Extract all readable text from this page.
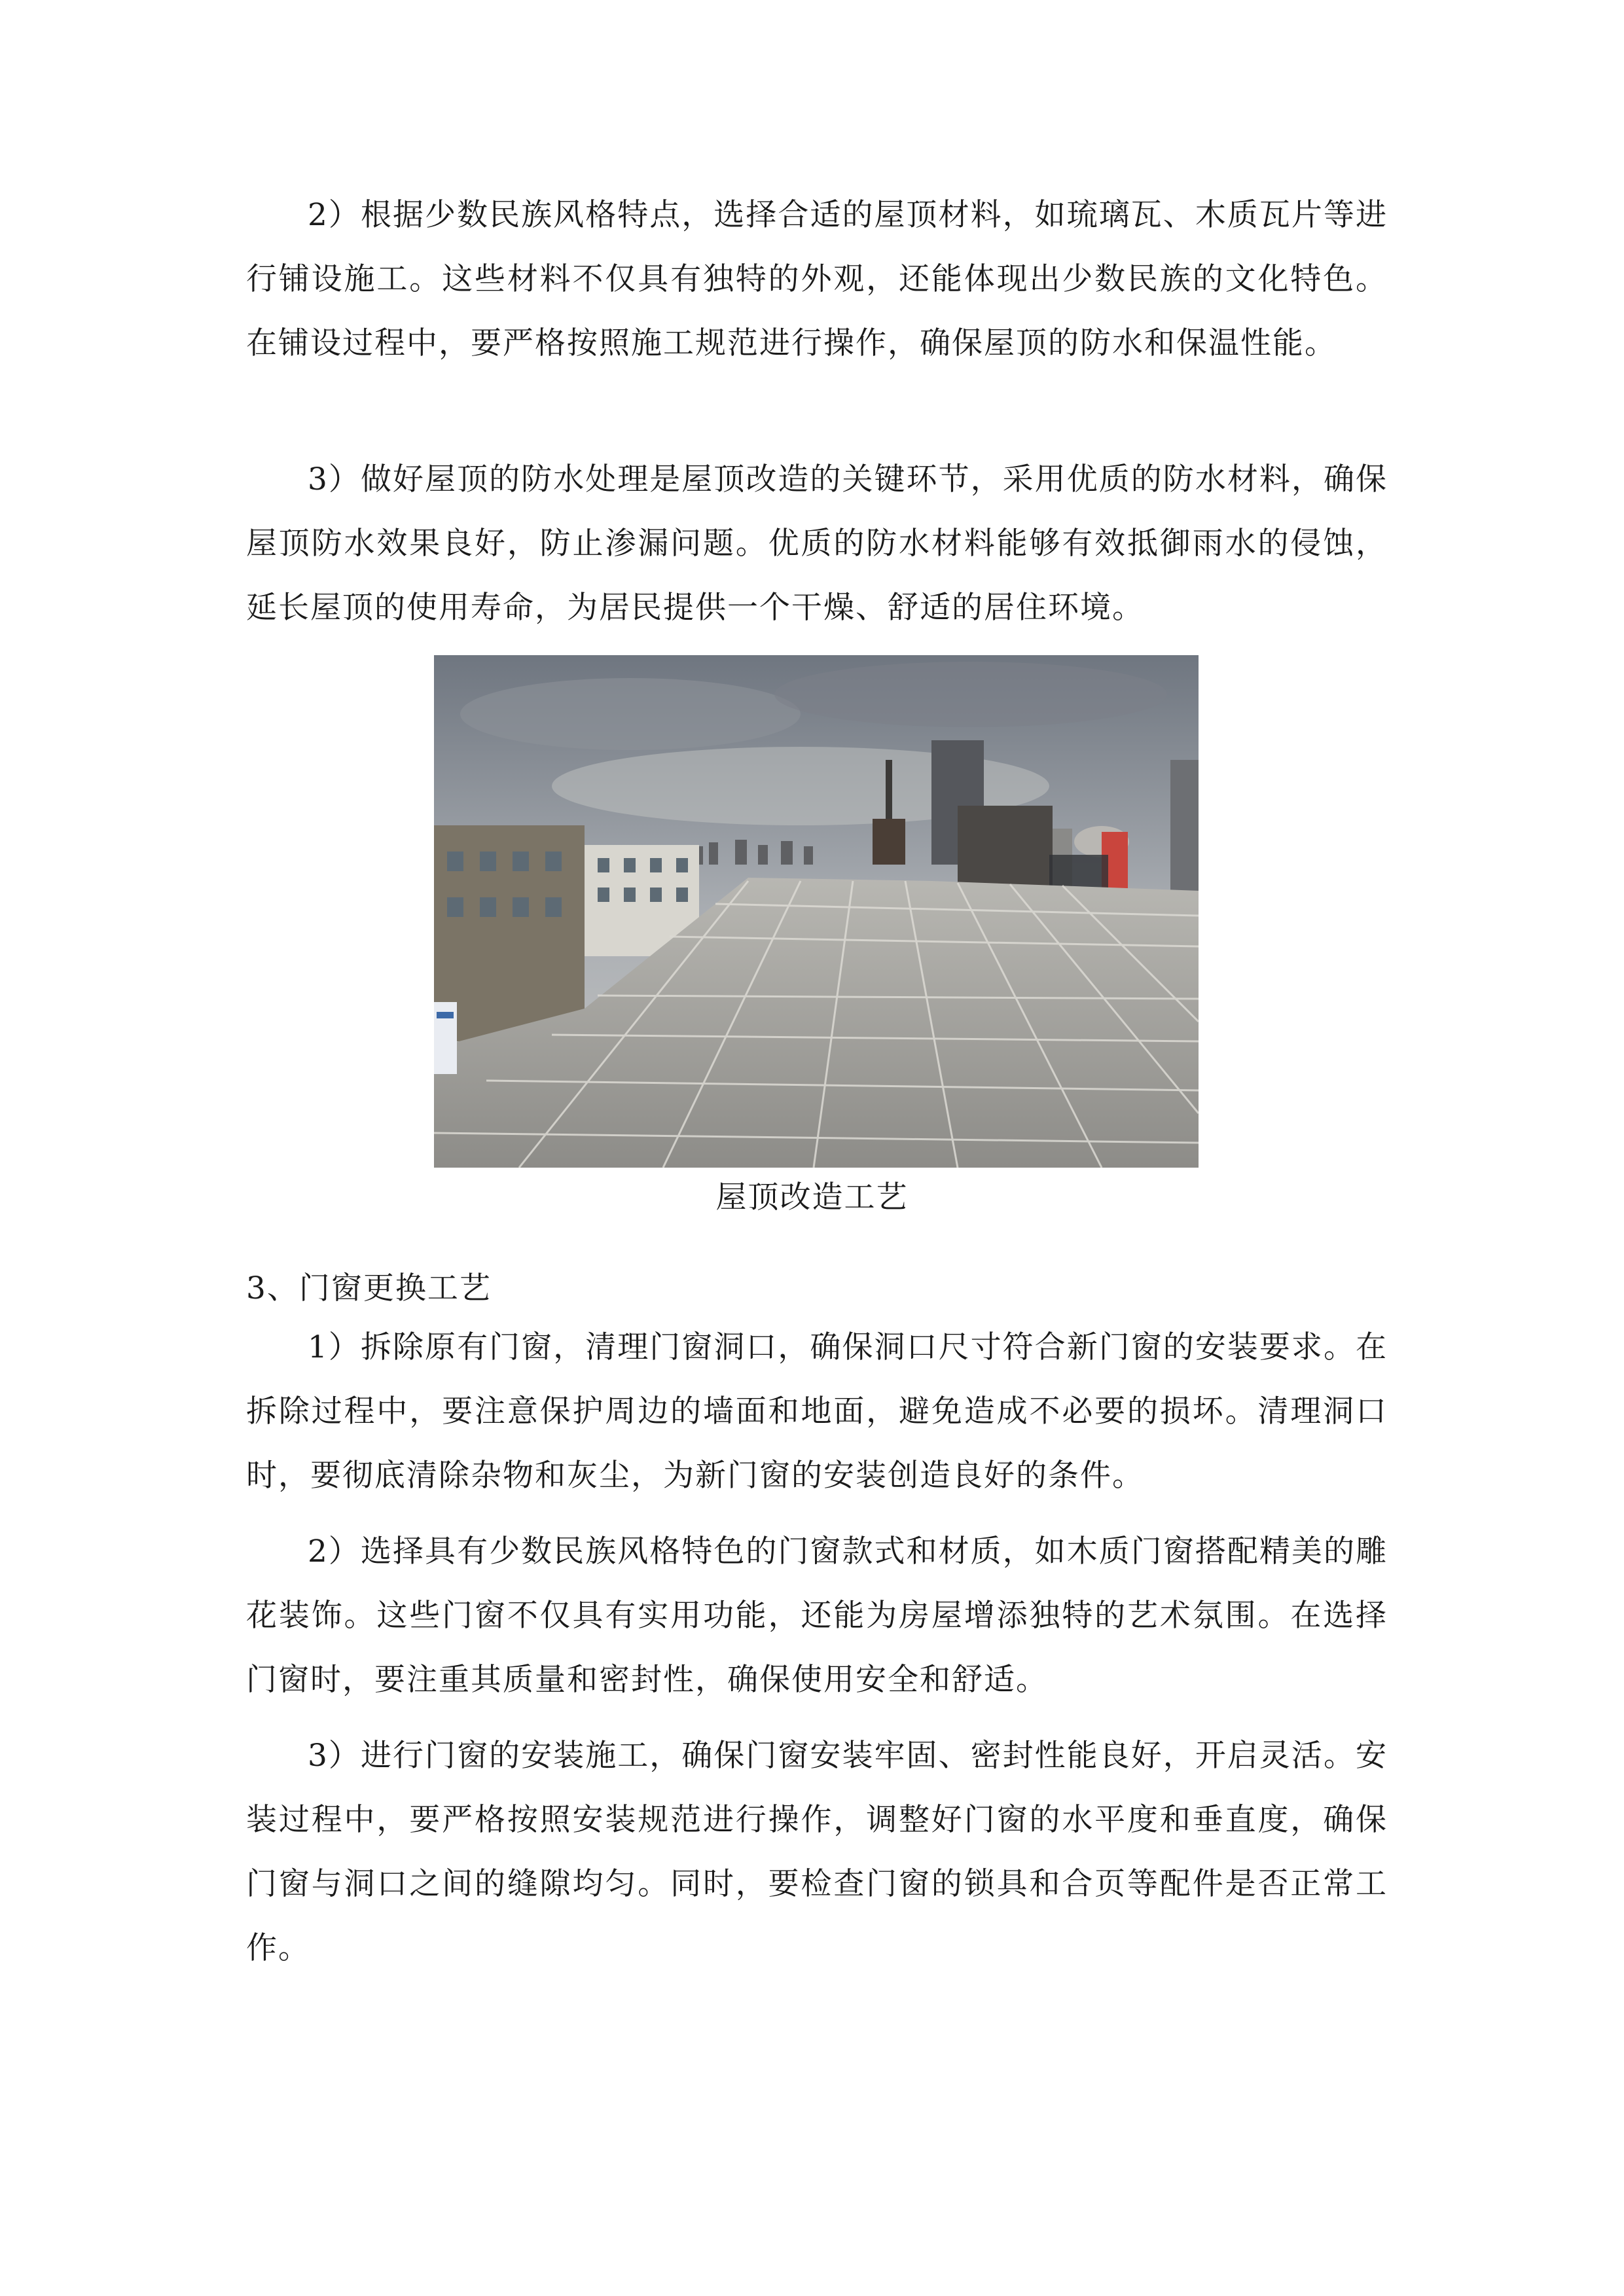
2）根据少数民族风格特点，选择合适的屋顶材料，如琉璃瓦、木质瓦片等进行铺设施工。这些材料不仅具有独特的外观，还能体现出少数民族的文化特色。在铺设过程中，要严格按照施工规范进行操作，确保屋顶的防水和保温性能。

3）做好屋顶的防水处理是屋顶改造的关键环节，采用优质的防水材料，确保屋顶防水效果良好，防止渗漏问题。优质的防水材料能够有效抵御雨水的侵蚀，延长屋顶的使用寿命，为居民提供一个干燥、舒适的居住环境。

屋顶改造工艺

3、门窗更换工艺

1）拆除原有门窗，清理门窗洞口，确保洞口尺寸符合新门窗的安装要求。在拆除过程中，要注意保护周边的墙面和地面，避免造成不必要的损坏。清理洞口时，要彻底清除杂物和灰尘，为新门窗的安装创造良好的条件。

2）选择具有少数民族风格特色的门窗款式和材质，如木质门窗搭配精美的雕花装饰。这些门窗不仅具有实用功能，还能为房屋增添独特的艺术氛围。在选择门窗时，要注重其质量和密封性，确保使用安全和舒适。

3）进行门窗的安装施工，确保门窗安装牢固、密封性能良好，开启灵活。安装过程中，要严格按照安装规范进行操作，调整好门窗的水平度和垂直度，确保门窗与洞口之间的缝隙均匀。同时，要检查门窗的锁具和合页等配件是否正常工作。
